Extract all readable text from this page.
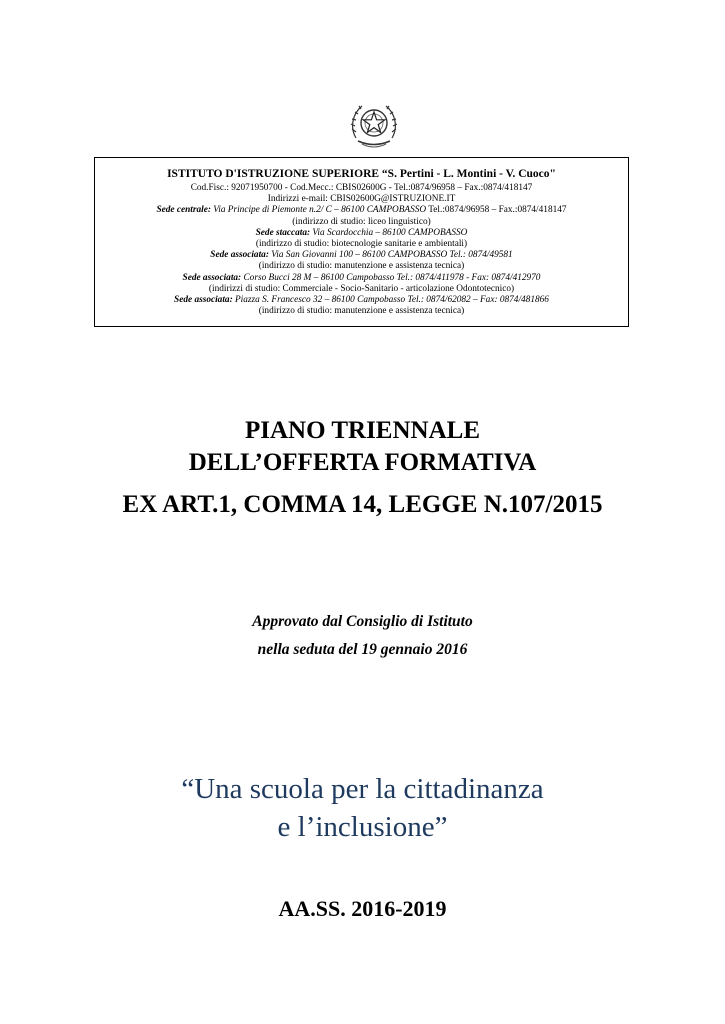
ISTITUTO D'ISTRUZIONE SUPERIORE “S. Pertini - L. Montini - V. Cuoco"
Cod.Fisc.: 92071950700 - Cod.Mecc.: CBIS02600G - Tel.:0874/96958 – Fax.:0874/418147
Indirizzi e-mail: CBIS02600G@ISTRUZIONE.IT
Sede centrale: Via Principe di Piemonte n.2/ C – 86100 CAMPOBASSO Tel.:0874/96958 – Fax.:0874/418147
(indirizzo di studio: liceo linguistico)
Sede staccata: Via Scardocchia – 86100 CAMPOBASSO
(indirizzo di studio: biotecnologie sanitarie e ambientali)
Sede associata: Via San Giovanni 100 – 86100 CAMPOBASSO Tel.: 0874/49581
(indirizzo di studio: manutenzione e assistenza tecnica)
Sede associata: Corso Bucci 28 M – 86100 Campobasso Tel.: 0874/411978 - Fax: 0874/412970
(indirizzi di studio: Commerciale - Socio-Sanitario - articolazione Odontotecnico)
Sede associata: Piazza S. Francesco 32 – 86100 Campobasso Tel.: 0874/62082 – Fax: 0874/481866
(indirizzo di studio: manutenzione e assistenza tecnica)
PIANO TRIENNALE
DELL’OFFERTA FORMATIVA
EX ART.1, COMMA 14, LEGGE N.107/2015
Approvato dal Consiglio di Istituto
nella seduta del 19 gennaio 2016
“Una scuola per la cittadinanza
e l’inclusione”
AA.SS. 2016-2019
